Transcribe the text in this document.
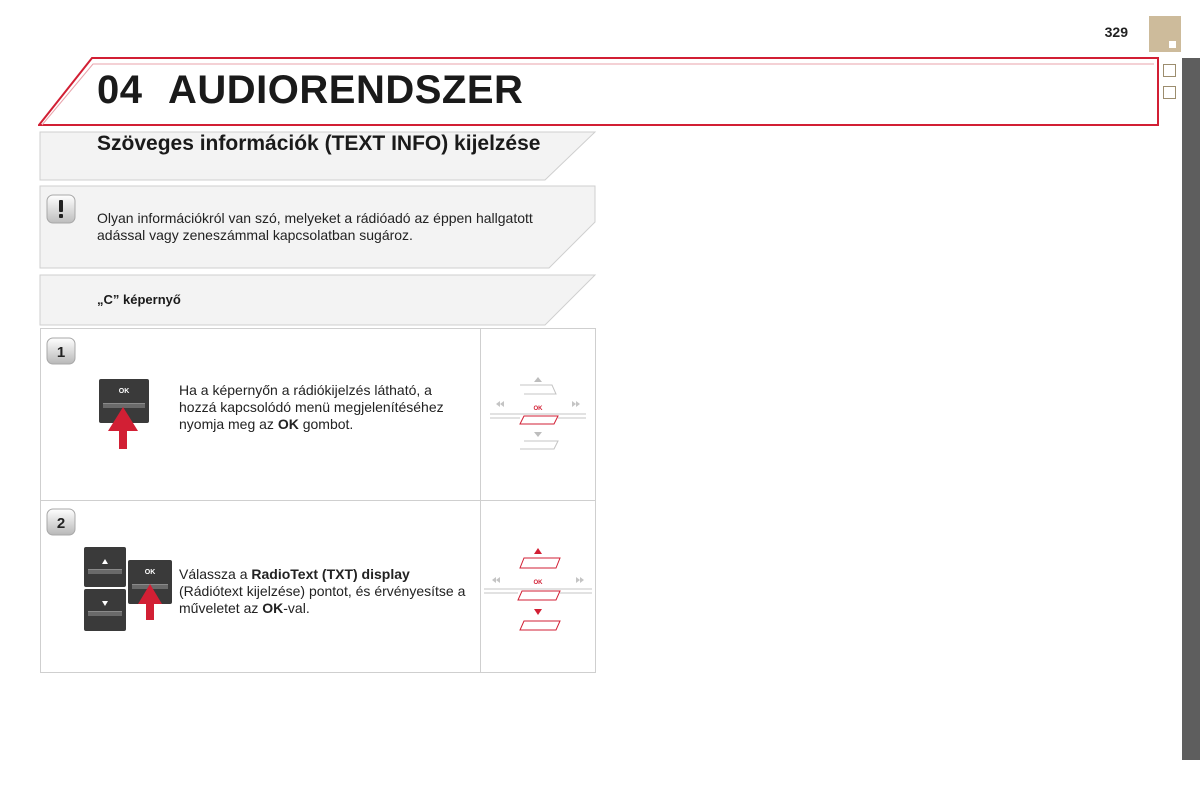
329
04 AUDIORENDSZER
Szöveges információk (TEXT INFO) kijelzése
Olyan információkról van szó, melyeket a rádióadó az éppen hallgatott adással vagy zeneszámmal kapcsolatban sugároz.
„C” képernyő
1
OK	Ha a képernyőn a rádiókijelzés látható, a hozzá kapcsolódó menü megjelenítéséhez nyomja meg az OK gombot.
OK
2
OK	Válassza a RadioText (TXT) display (Rádiótext kijelzése) pontot, és érvényesítse a műveletet az OK-val.
OK
